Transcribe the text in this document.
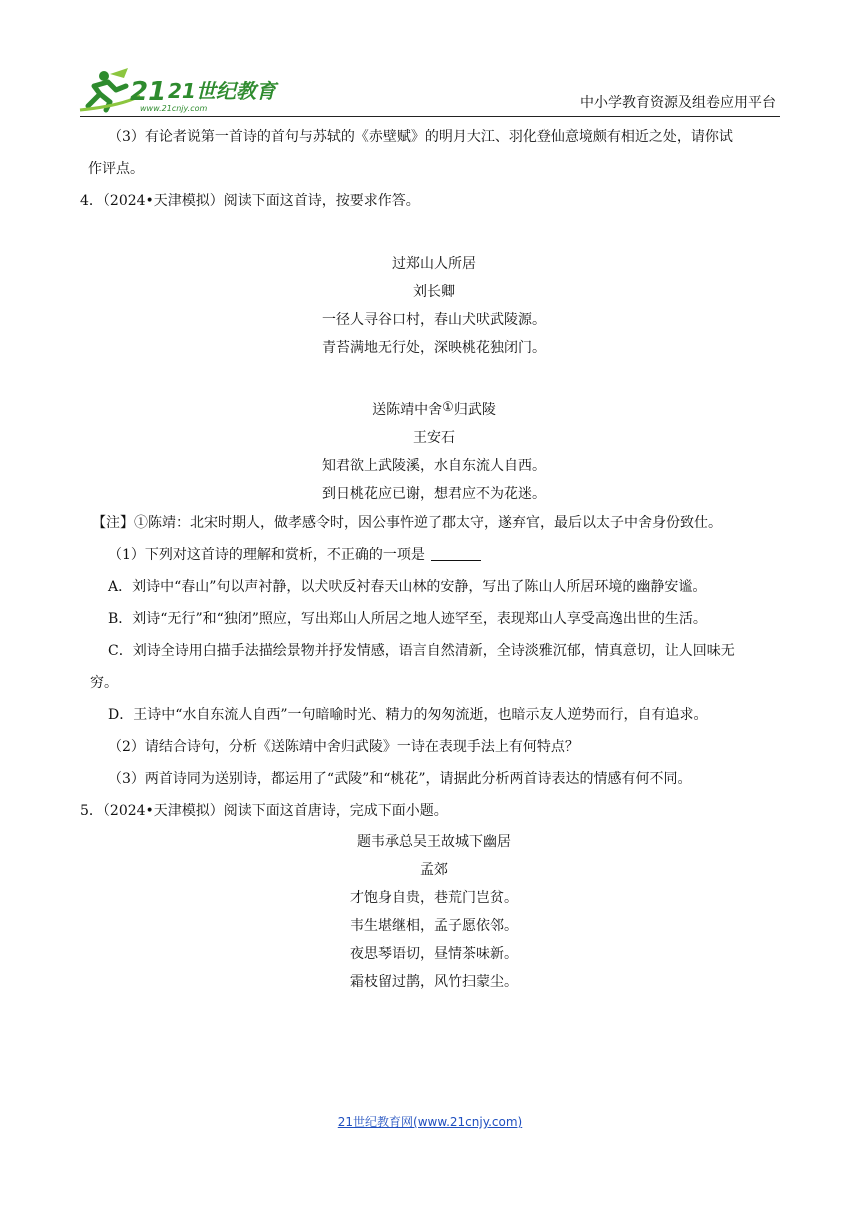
21 21世纪教育
www.21cnjy.com	中小学教育资源及组卷应用平台

（3）有论者说第一首诗的首句与苏轼的《赤壁赋》的明月大江、羽化登仙意境颇有相近之处，请你试

作评点。

4．（2024•天津模拟）阅读下面这首诗，按要求作答。

过郑山人所居

刘长卿

一径人寻谷口村，春山犬吠武陵源。

青苔满地无行处，深映桃花独闭门。

送陈靖中舍①归武陵

王安石

知君欲上武陵溪，水自东流人自西。

到日桃花应已谢，想君应不为花迷。

【注】①陈靖：北宋时期人，做孝感令时，因公事忤逆了郡太守，遂弃官，最后以太子中舍身份致仕。

（1）下列对这首诗的理解和赏析，不正确的一项是

A．刘诗中“春山”句以声衬静，以犬吠反衬春天山林的安静，写出了陈山人所居环境的幽静安谧。

B．刘诗“无行”和“独闭”照应，写出郑山人所居之地人迹罕至，表现郑山人享受高逸出世的生活。

C．刘诗全诗用白描手法描绘景物并抒发情感，语言自然清新，全诗淡雅沉郁，情真意切，让人回味无

穷。

D．王诗中“水自东流人自西”一句暗喻时光、精力的匆匆流逝，也暗示友人逆势而行，自有追求。

（2）请结合诗句，分析《送陈靖中舍归武陵》一诗在表现手法上有何特点？

（3）两首诗同为送别诗，都运用了“武陵”和“桃花”，请据此分析两首诗表达的情感有何不同。

5．（2024•天津模拟）阅读下面这首唐诗，完成下面小题。

题韦承总吴王故城下幽居

孟郊

才饱身自贵，巷荒门岂贫。

韦生堪继相，孟子愿依邻。

夜思琴语切，昼情茶味新。

霜枝留过鹊，风竹扫蒙尘。

21世纪教育网(www.21cnjy.com)
